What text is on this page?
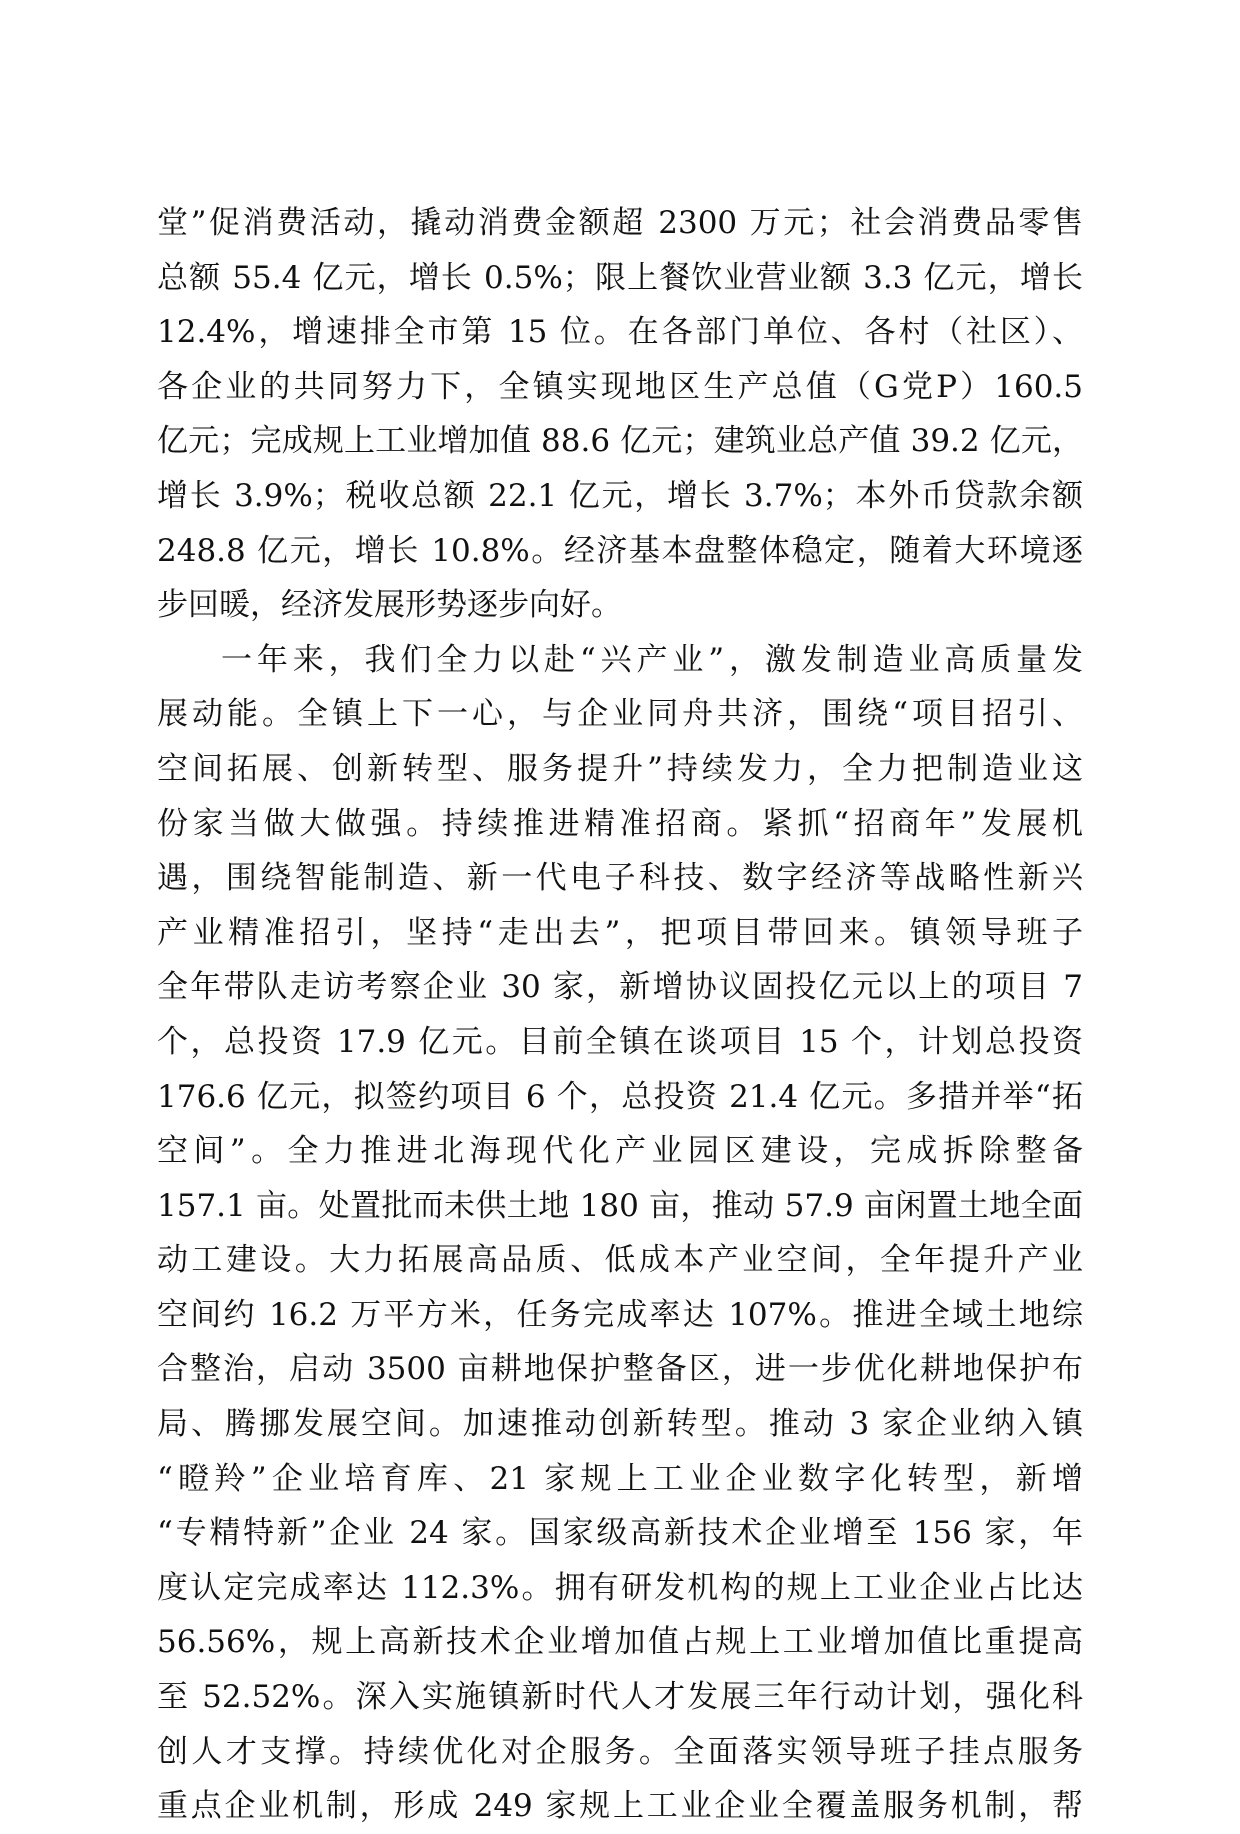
堂”促消费活动，撬动消费金额超 2300 万元；社会消费品零售
总额 55.4 亿元，增长 0.5%；限上餐饮业营业额 3.3 亿元，增长
12.4%，增速排全市第 15 位。在各部门单位、各村（社区）、
各企业的共同努力下，全镇实现地区生产总值（G党P）160.5
亿元；完成规上工业增加值 88.6 亿元；建筑业总产值 39.2 亿元，
增长 3.9%；税收总额 22.1 亿元，增长 3.7%；本外币贷款余额
248.8 亿元，增长 10.8%。经济基本盘整体稳定，随着大环境逐
步回暖，经济发展形势逐步向好。
一年来，我们全力以赴“兴产业”，激发制造业高质量发
展动能。全镇上下一心，与企业同舟共济，围绕“项目招引、
空间拓展、创新转型、服务提升”持续发力，全力把制造业这
份家当做大做强。持续推进精准招商。紧抓“招商年”发展机
遇，围绕智能制造、新一代电子科技、数字经济等战略性新兴
产业精准招引，坚持“走出去”，把项目带回来。镇领导班子
全年带队走访考察企业 30 家，新增协议固投亿元以上的项目 7
个，总投资 17.9 亿元。目前全镇在谈项目 15 个，计划总投资
176.6 亿元，拟签约项目 6 个，总投资 21.4 亿元。多措并举“拓
空间”。全力推进北海现代化产业园区建设，完成拆除整备
157.1 亩。处置批而未供土地 180 亩，推动 57.9 亩闲置土地全面
动工建设。大力拓展高品质、低成本产业空间，全年提升产业
空间约 16.2 万平方米，任务完成率达 107%。推进全域土地综
合整治，启动 3500 亩耕地保护整备区，进一步优化耕地保护布
局、腾挪发展空间。加速推动创新转型。推动 3 家企业纳入镇
“瞪羚”企业培育库、21 家规上工业企业数字化转型，新增
“专精特新”企业 24 家。国家级高新技术企业增至 156 家，年
度认定完成率达 112.3%。拥有研发机构的规上工业企业占比达
56.56%，规上高新技术企业增加值占规上工业增加值比重提高
至 52.52%。深入实施镇新时代人才发展三年行动计划，强化科
创人才支撑。持续优化对企服务。全面落实领导班子挂点服务
重点企业机制，形成 249 家规上工业企业全覆盖服务机制，帮
